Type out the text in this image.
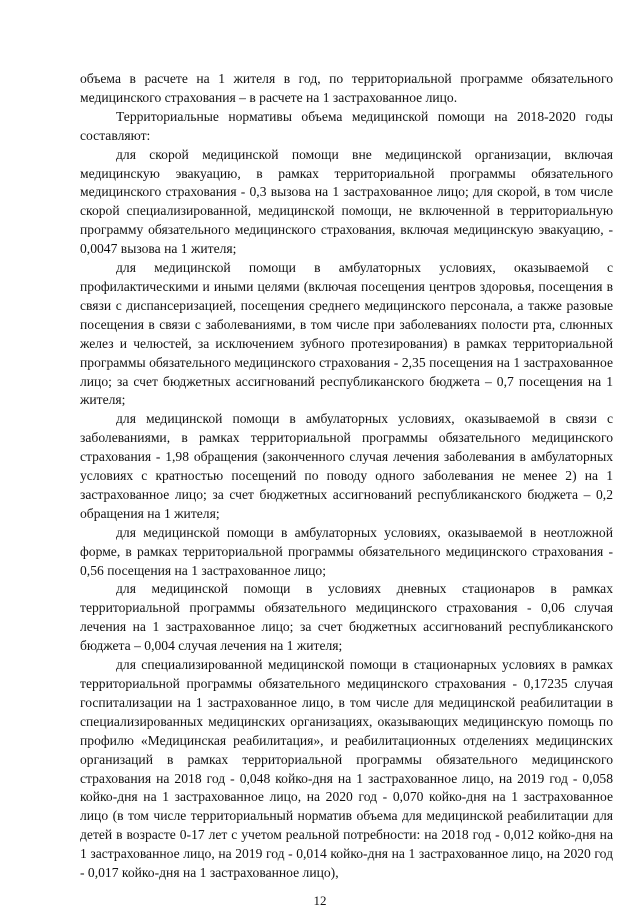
объема в расчете на 1 жителя в год, по территориальной программе обязательного медицинского страхования – в расчете на 1 застрахованное лицо.

Территориальные нормативы объема медицинской помощи на 2018-2020 годы составляют:

для скорой медицинской помощи вне медицинской организации, включая медицинскую эвакуацию, в рамках территориальной программы обязательного медицинского страхования - 0,3 вызова на 1 застрахованное лицо; для скорой, в том числе скорой специализированной, медицинской помощи, не включенной в территориальную программу обязательного медицинского страхования, включая медицинскую эвакуацию, - 0,0047 вызова на 1 жителя;

для медицинской помощи в амбулаторных условиях, оказываемой с профилактическими и иными целями (включая посещения центров здоровья, посещения в связи с диспансеризацией, посещения среднего медицинского персонала, а также разовые посещения в связи с заболеваниями, в том числе при заболеваниях полости рта, слюнных желез и челюстей, за исключением зубного протезирования) в рамках территориальной программы обязательного медицинского страхования - 2,35 посещения на 1 застрахованное лицо; за счет бюджетных ассигнований республиканского бюджета – 0,7 посещения на 1 жителя;

для медицинской помощи в амбулаторных условиях, оказываемой в связи с заболеваниями, в рамках территориальной программы обязательного медицинского страхования - 1,98 обращения (законченного случая лечения заболевания в амбулаторных условиях с кратностью посещений по поводу одного заболевания не менее 2) на 1 застрахованное лицо; за счет бюджетных ассигнований республиканского бюджета – 0,2 обращения на 1 жителя;

для медицинской помощи в амбулаторных условиях, оказываемой в неотложной форме, в рамках территориальной программы обязательного медицинского страхования - 0,56 посещения на 1 застрахованное лицо;

для медицинской помощи в условиях дневных стационаров в рамках территориальной программы обязательного медицинского страхования - 0,06 случая лечения на 1 застрахованное лицо; за счет бюджетных ассигнований республиканского бюджета – 0,004 случая лечения на 1 жителя;

для специализированной медицинской помощи в стационарных условиях в рамках территориальной программы обязательного медицинского страхования - 0,17235 случая госпитализации на 1 застрахованное лицо, в том числе для медицинской реабилитации в специализированных медицинских организациях, оказывающих медицинскую помощь по профилю «Медицинская реабилитация», и реабилитационных отделениях медицинских организаций в рамках территориальной программы обязательного медицинского страхования на 2018 год - 0,048 койко-дня на 1 застрахованное лицо, на 2019 год - 0,058 койко-дня на 1 застрахованное лицо, на 2020 год - 0,070 койко-дня на 1 застрахованное лицо (в том числе территориальный норматив объема для медицинской реабилитации для детей в возрасте 0-17 лет с учетом реальной потребности: на 2018 год - 0,012 койко-дня на 1 застрахованное лицо, на 2019 год - 0,014 койко-дня на 1 застрахованное лицо, на 2020 год - 0,017 койко-дня на 1 застрахованное лицо),

12
